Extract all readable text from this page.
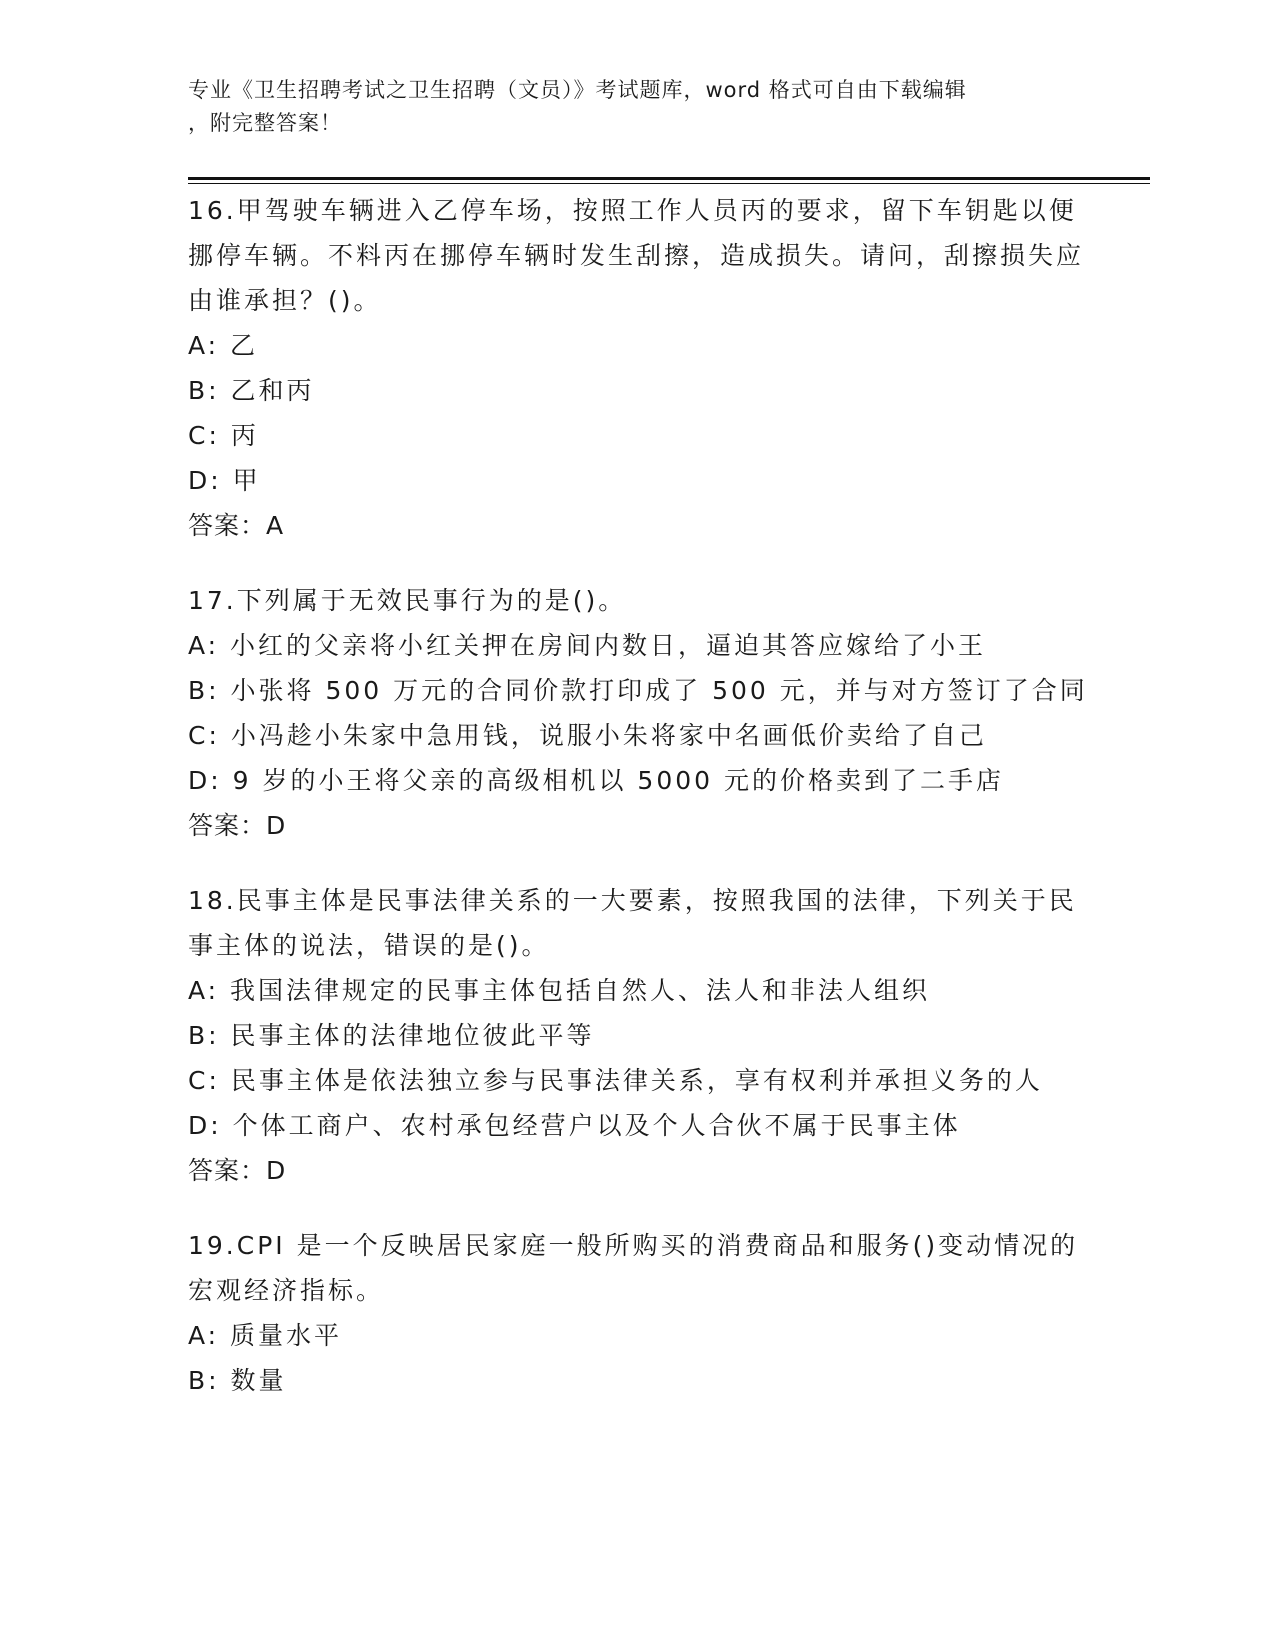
专业《卫生招聘考试之卫生招聘（文员）》考试题库，word 格式可自由下载编辑
，附完整答案！

16.甲驾驶车辆进入乙停车场，按照工作人员丙的要求，留下车钥匙以便挪停车辆。不料丙在挪停车辆时发生刮擦，造成损失。请问，刮擦损失应由谁承担？()。

A: 乙

B: 乙和丙

C: 丙

D: 甲

答案：A

17.下列属于无效民事行为的是()。

A: 小红的父亲将小红关押在房间内数日，逼迫其答应嫁给了小王

B: 小张将 500 万元的合同价款打印成了 500 元，并与对方签订了合同

C: 小冯趁小朱家中急用钱，说服小朱将家中名画低价卖给了自己

D: 9 岁的小王将父亲的高级相机以 5000 元的价格卖到了二手店

答案：D

18.民事主体是民事法律关系的一大要素，按照我国的法律，下列关于民事主体的说法，错误的是()。

A: 我国法律规定的民事主体包括自然人、法人和非法人组织

B: 民事主体的法律地位彼此平等

C: 民事主体是依法独立参与民事法律关系，享有权利并承担义务的人

D: 个体工商户、农村承包经营户以及个人合伙不属于民事主体

答案：D

19.CPI 是一个反映居民家庭一般所购买的消费商品和服务()变动情况的宏观经济指标。

A: 质量水平

B: 数量
